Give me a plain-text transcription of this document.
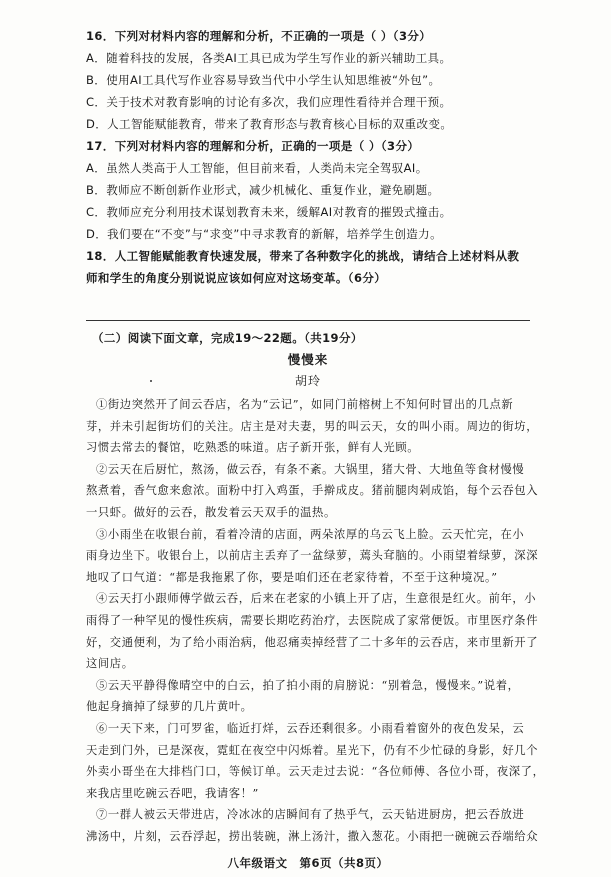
16．下列对材料内容的理解和分析，不正确的一项是（ ）（3分）
A．随着科技的发展，各类AI工具已成为学生写作业的新兴辅助工具。
B．使用AI工具代写作业容易导致当代中小学生认知思维被“外包”。
C．关于技术对教育影响的讨论有多次，我们应理性看待并合理干预。
D．人工智能赋能教育，带来了教育形态与教育核心目标的双重改变。
17．下列对材料内容的理解和分析，正确的一项是（ ）（3分）
A．虽然人类高于人工智能，但目前来看，人类尚未完全驾驭AI。
B．教师应不断创新作业形式，减少机械化、重复作业，避免刷题。
C．教师应充分利用技术谋划教育未来，缓解AI对教育的摧毁式撞击。
D．我们要在“不变”与“求变”中寻求教育的新解，培养学生创造力。
18．人工智能赋能教育快速发展，带来了各种数字化的挑战，请结合上述材料从教
师和学生的角度分别说说应该如何应对这场变革。（6分）
（二）阅读下面文章，完成19～22题。（共19分）
慢慢来
胡玲
①街边突然开了间云吞店，名为“云记”，如同门前榕树上不知何时冒出的几点新
芽，并未引起街坊们的关注。店主是对夫妻，男的叫云天，女的叫小雨。周边的街坊，
习惯去常去的餐馆，吃熟悉的味道。店子新开张，鲜有人光顾。
②云天在后厨忙，熬汤，做云吞，有条不紊。大锅里，猪大骨、大地鱼等食材慢慢
熬煮着，香气愈来愈浓。面粉中打入鸡蛋，手擀成皮。猪前腿肉剁成馅，每个云吞包入
一只虾。做好的云吞，散发着云天双手的温热。
③小雨坐在收银台前，看着冷清的店面，两朵浓厚的乌云飞上脸。云天忙完，在小
雨身边坐下。收银台上，以前店主丢弃了一盆绿萝，蔫头耷脑的。小雨望着绿萝，深深
地叹了口气道：“都是我拖累了你，要是咱们还在老家待着，不至于这种境况。”
④云天打小跟师傅学做云吞，后来在老家的小镇上开了店，生意很是红火。前年，小
雨得了一种罕见的慢性疾病，需要长期吃药治疗，去医院成了家常便饭。市里医疗条件
好，交通便利，为了给小雨治病，他忍痛卖掉经营了二十多年的云吞店，来市里新开了
这间店。
⑤云天平静得像晴空中的白云，拍了拍小雨的肩膀说：“别着急，慢慢来。”说着，
他起身摘掉了绿萝的几片黄叶。
⑥一天下来，门可罗雀，临近打烊，云吞还剩很多。小雨看着窗外的夜色发呆，云
天走到门外，已是深夜，霓虹在夜空中闪烁着。星光下，仍有不少忙碌的身影，好几个
外卖小哥坐在大排档门口，等候订单。云天走过去说：“各位师傅、各位小哥，夜深了，
来我店里吃碗云吞吧，我请客！”
⑦一群人被云天带进店，冷冰冰的店瞬间有了热乎气，云天钻进厨房，把云吞放进
沸汤中，片刻，云吞浮起，捞出装碗，淋上汤汁，撒入葱花。小雨把一碗碗云吞端给众
八年级语文　第6页（共8页）
